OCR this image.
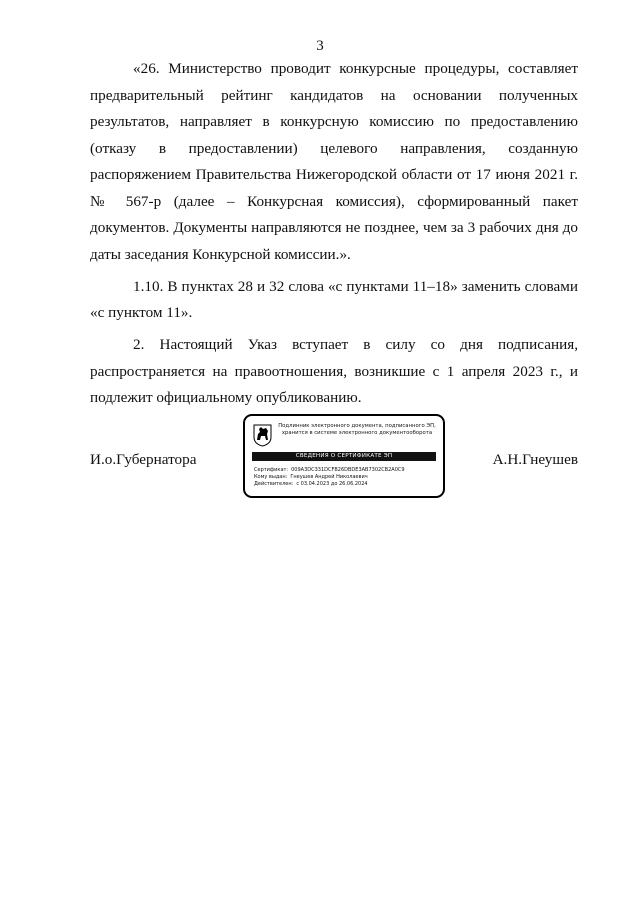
3

«26. Министерство проводит конкурсные процедуры, составляет предварительный рейтинг кандидатов на основании полученных результатов, направляет в конкурсную комиссию по предоставлению (отказу в предоставлении) целевого направления, созданную распоряжением Правительства Нижегородской области от 17 июня 2021 г. № 567-р (далее – Конкурсная комиссия), сформированный пакет документов. Документы направляются не позднее, чем за 3 рабочих дня до даты заседания Конкурсной комиссии.».

1.10. В пунктах 28 и 32 слова «с пунктами 11–18» заменить словами «с пунктом 11».

2. Настоящий Указ вступает в силу со дня подписания, распространяется на правоотношения, возникшие с 1 апреля 2023 г., и подлежит официальному опубликованию.

И.о.Губернатора
Подлинник электронного документа, подписанного ЭП,
хранится в системе электронного документооборота
СВЕДЕНИЯ О СЕРТИФИКАТЕ ЭП
Сертификат: 009A3DC331DCFB26DBDE3AB7302CB2A0C9
Кому выдан: Гнеушев Андрей Николаевич
Действителен: с 03.04.2023 до 26.06.2024
А.Н.Гнеушев
